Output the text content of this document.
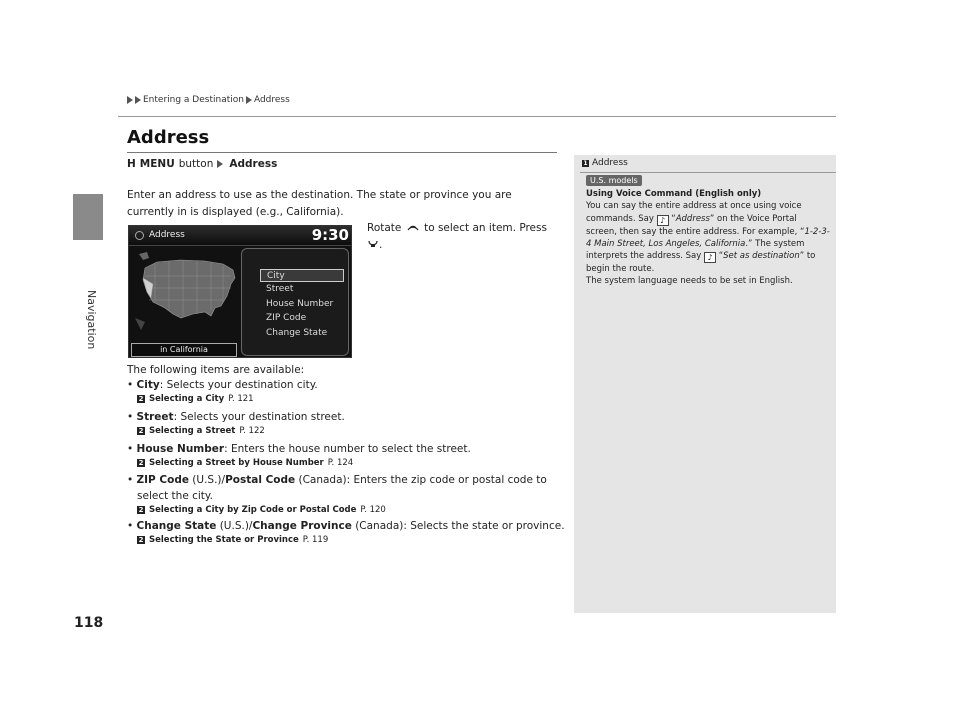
Navigation
118
Entering a Destination Address
Address
H MENU button Address
Enter an address to use as the destination. The state or province you are currently in is displayed (e.g., California).
Rotate to select an item. Press
.
Address	9:30
City
Street
House Number
ZIP Code
Change State
in California
The following items are available:
• City: Selects your destination city.
2 Selecting a City P. 121
• Street: Selects your destination street.
2 Selecting a Street P. 122
• House Number: Enters the house number to select the street.
2 Selecting a Street by House Number P. 124
• ZIP Code (U.S.)/Postal Code (Canada): Enters the zip code or postal code to
select the city.
2 Selecting a City by Zip Code or Postal Code P. 120
• Change State (U.S.)/Change Province (Canada): Selects the state or province.
2 Selecting the State or Province P. 119
1 Address
U.S. models
Using Voice Command (English only)
You can say the entire address at once using voice commands. Say ♪ “Address” on the Voice Portal screen, then say the entire address. For example, “1-2-3-4 Main Street, Los Angeles, California.” The system interprets the address. Say ♪ “Set as destination” to begin the route.
The system language needs to be set in English.
